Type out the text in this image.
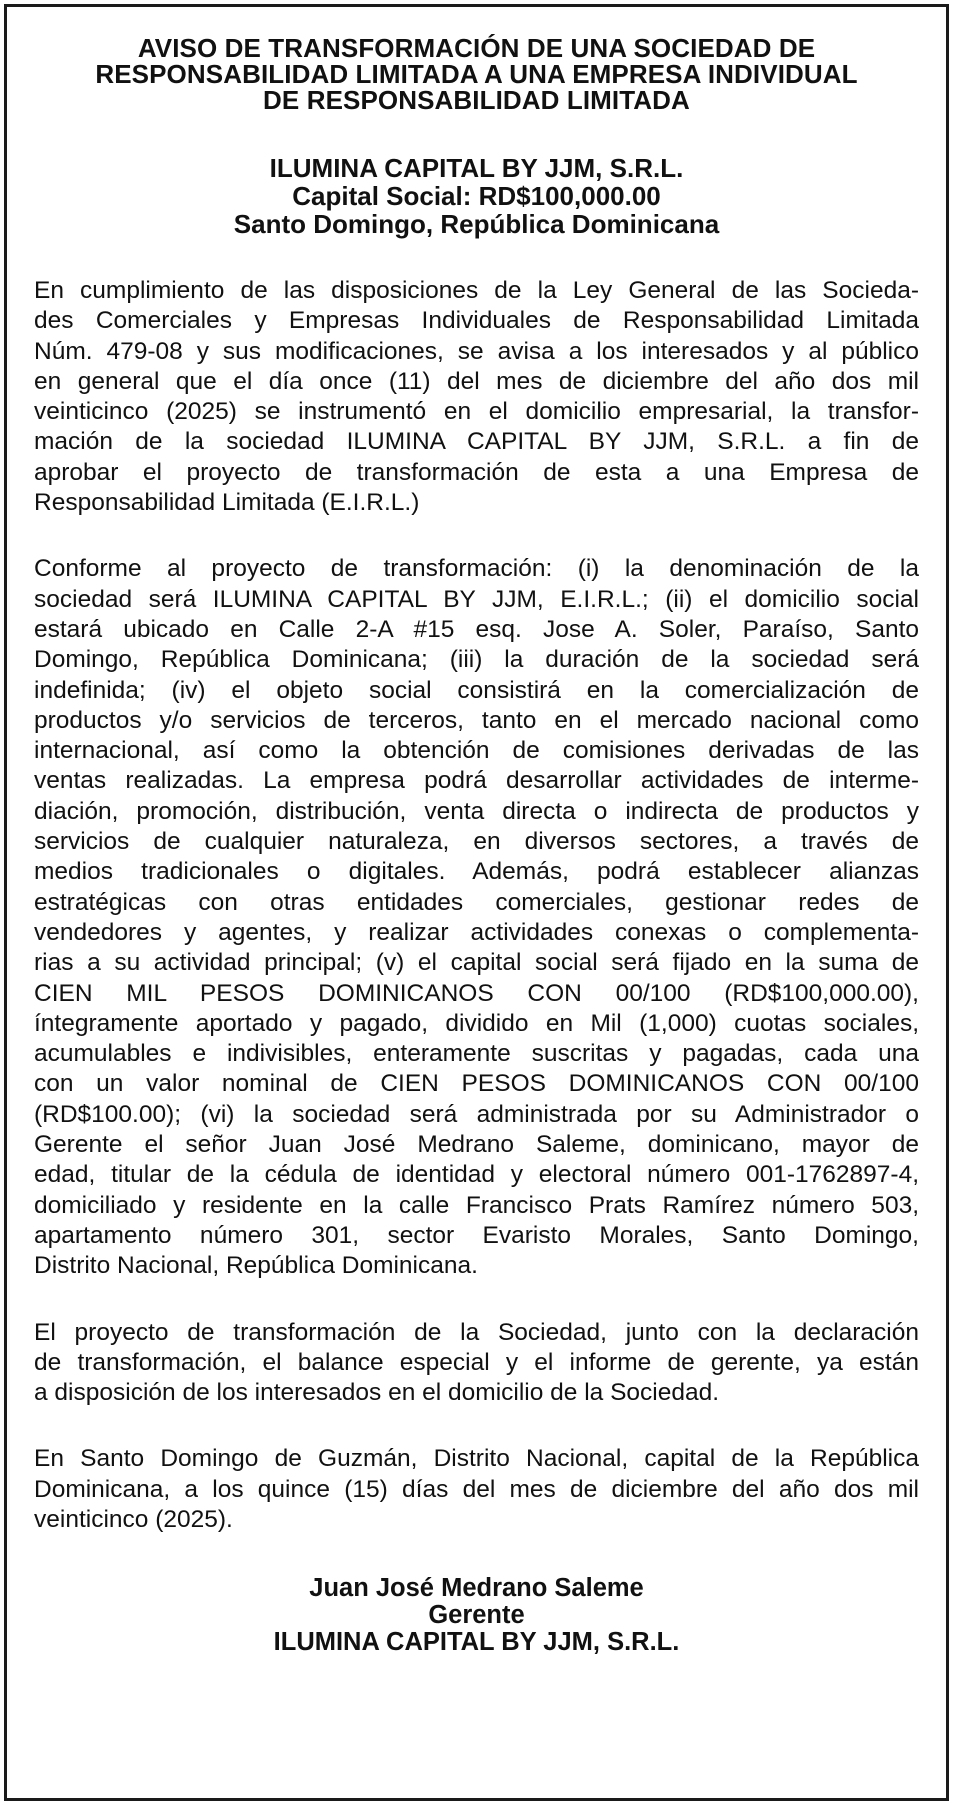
AVISO DE TRANSFORMACIÓN DE UNA SOCIEDAD DE
RESPONSABILIDAD LIMITADA A UNA EMPRESA INDIVIDUAL
DE RESPONSABILIDAD LIMITADA
ILUMINA CAPITAL BY JJM, S.R.L.
Capital Social: RD$100,000.00
Santo Domingo, República Dominicana

En cumplimiento de las disposiciones de la Ley General de las Socieda-
des Comerciales y Empresas Individuales de Responsabilidad Limitada
Núm. 479-08 y sus modificaciones, se avisa a los interesados y al público
en general que el día once (11) del mes de diciembre del año dos mil
veinticinco (2025) se instrumentó en el domicilio empresarial, la transfor-
mación de la sociedad ILUMINA CAPITAL BY JJM, S.R.L. a fin de
aprobar el proyecto de transformación de esta a una Empresa de
Responsabilidad Limitada (E.I.R.L.)

Conforme al proyecto de transformación: (i) la denominación de la
sociedad será ILUMINA CAPITAL BY JJM, E.I.R.L.; (ii) el domicilio social
estará ubicado en Calle 2-A #15 esq. Jose A. Soler, Paraíso, Santo
Domingo, República Dominicana; (iii) la duración de la sociedad será
indefinida; (iv) el objeto social consistirá en la comercialización de
productos y/o servicios de terceros, tanto en el mercado nacional como
internacional, así como la obtención de comisiones derivadas de las
ventas realizadas. La empresa podrá desarrollar actividades de interme-
diación, promoción, distribución, venta directa o indirecta de productos y
servicios de cualquier naturaleza, en diversos sectores, a través de
medios tradicionales o digitales. Además, podrá establecer alianzas
estratégicas con otras entidades comerciales, gestionar redes de
vendedores y agentes, y realizar actividades conexas o complementa-
rias a su actividad principal; (v) el capital social será fijado en la suma de
CIEN MIL PESOS DOMINICANOS CON 00/100 (RD$100,000.00),
íntegramente aportado y pagado, dividido en Mil (1,000) cuotas sociales,
acumulables e indivisibles, enteramente suscritas y pagadas, cada una
con un valor nominal de CIEN PESOS DOMINICANOS CON 00/100
(RD$100.00); (vi) la sociedad será administrada por su Administrador o
Gerente el señor Juan José Medrano Saleme, dominicano, mayor de
edad, titular de la cédula de identidad y electoral número 001-1762897-4,
domiciliado y residente en la calle Francisco Prats Ramírez número 503,
apartamento número 301, sector Evaristo Morales, Santo Domingo,
Distrito Nacional, República Dominicana.

El proyecto de transformación de la Sociedad, junto con la declaración
de transformación, el balance especial y el informe de gerente, ya están
a disposición de los interesados en el domicilio de la Sociedad.

En Santo Domingo de Guzmán, Distrito Nacional, capital de la República
Dominicana, a los quince (15) días del mes de diciembre del año dos mil
veinticinco (2025).

Juan José Medrano Saleme
Gerente
ILUMINA CAPITAL BY JJM, S.R.L.
